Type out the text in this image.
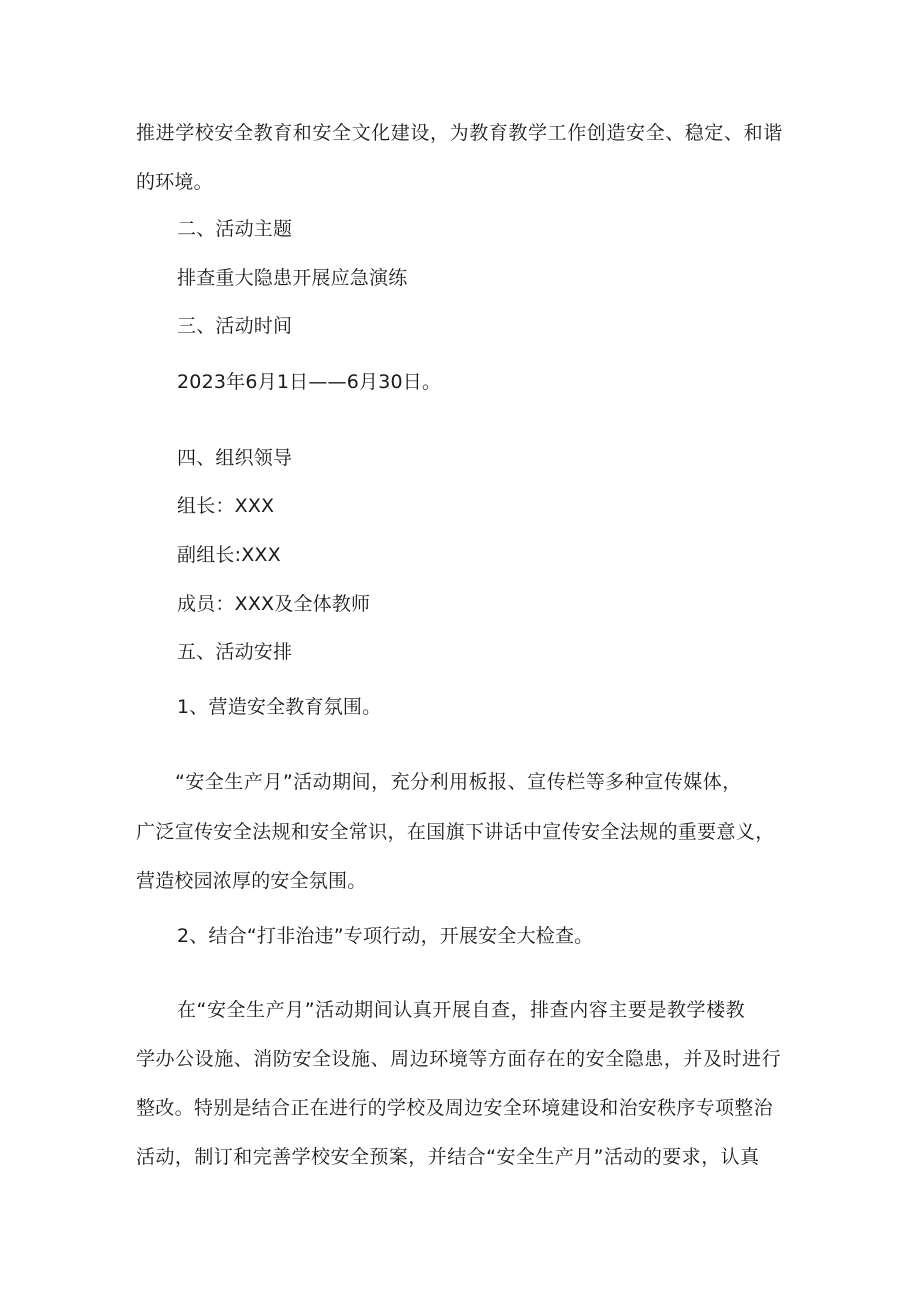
推进学校安全教育和安全文化建设，为教育教学工作创造安全、稳定、和谐

的环境。

二、活动主题

排查重大隐患开展应急演练

三、活动时间

2023年6月1日——6月30日。

四、组织领导

组长：XXX

副组长:XXX

成员：XXX及全体教师

五、活动安排

1、营造安全教育氛围。

“安全生产月”活动期间，充分利用板报、宣传栏等多种宣传媒体，

广泛宣传安全法规和安全常识，在国旗下讲话中宣传安全法规的重要意义，

营造校园浓厚的安全氛围。

2、结合“打非治违”专项行动，开展安全大检查。

在“安全生产月”活动期间认真开展自查，排查内容主要是教学楼教

学办公设施、消防安全设施、周边环境等方面存在的安全隐患，并及时进行

整改。特别是结合正在进行的学校及周边安全环境建设和治安秩序专项整治

活动，制订和完善学校安全预案，并结合“安全生产月”活动的要求，认真
